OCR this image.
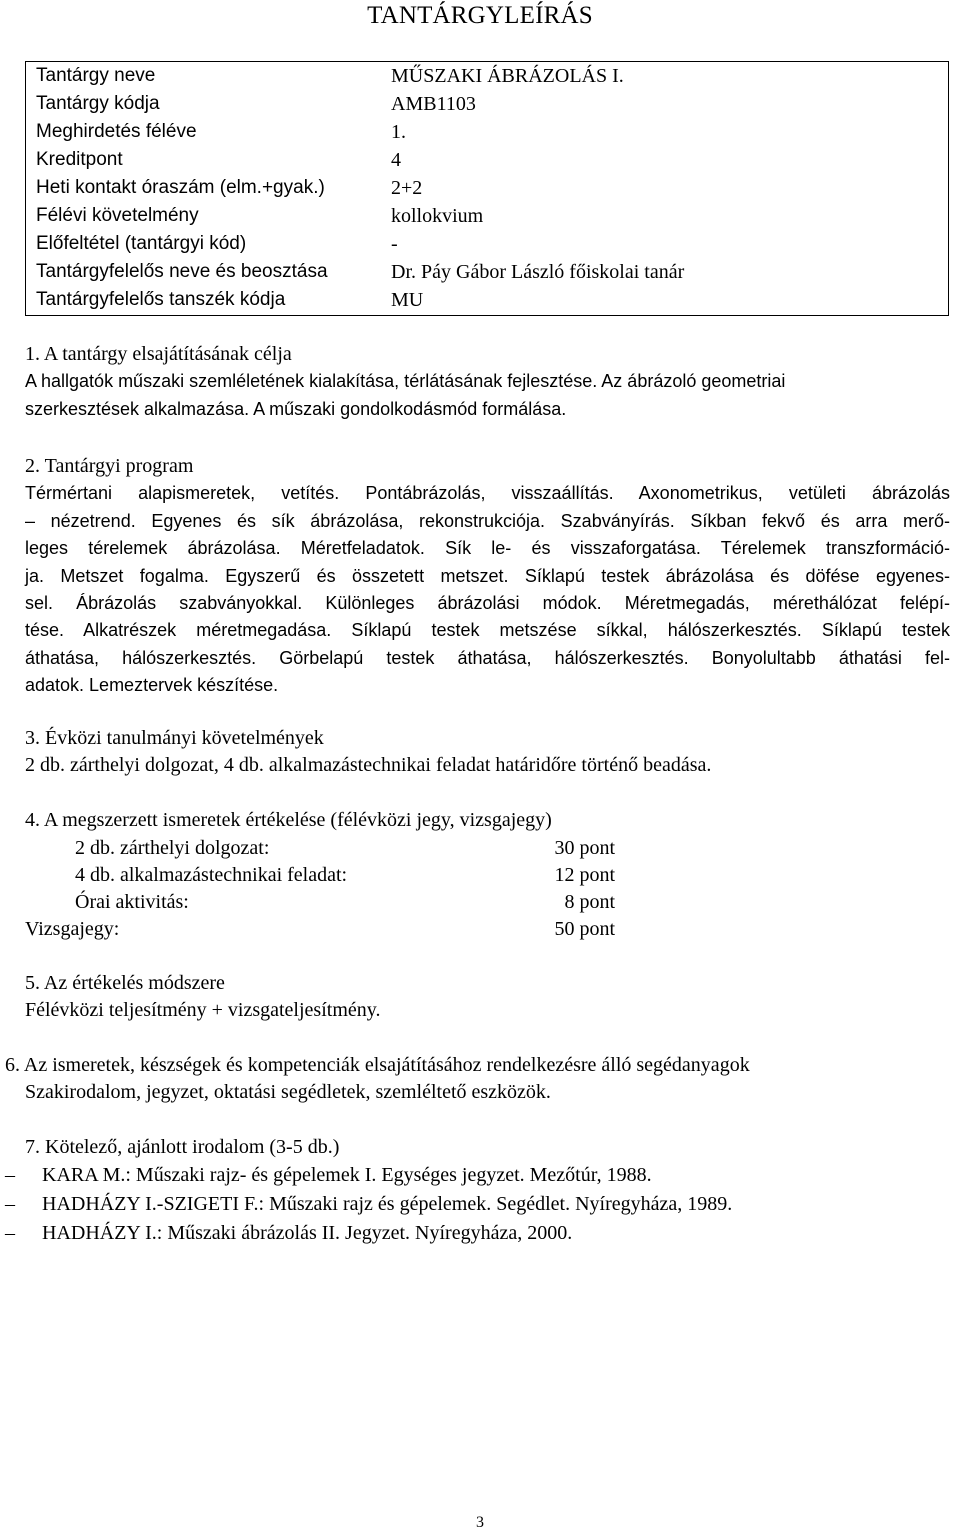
TANTÁRGYLEÍRÁS
Tantárgy neve	MŰSZAKI ÁBRÁZOLÁS I.
Tantárgy kódja	AMB1103
Meghirdetés féléve	1.
Kreditpont	4
Heti kontakt óraszám (elm.+gyak.)	2+2
Félévi követelmény	kollokvium
Előfeltétel (tantárgyi kód)	-
Tantárgyfelelős neve és beosztása	Dr. Páy Gábor László főiskolai tanár
Tantárgyfelelős tanszék kódja	MU
1. A tantárgy elsajátításának célja
A hallgatók műszaki szemléletének kialakítása, térlátásának fejlesztése. Az ábrázoló geometriai
szerkesztések alkalmazása. A műszaki gondolkodásmód formálása.
2. Tantárgyi program
Térmértani alapismeretek, vetítés. Pontábrázolás, visszaállítás. Axonometrikus, vetületi ábrázolás
– nézetrend. Egyenes és sík ábrázolása, rekonstrukciója. Szabványírás. Síkban fekvő és arra merő-
leges térelemek ábrázolása. Méretfeladatok. Sík le- és visszaforgatása. Térelemek transzformáció-
ja. Metszet fogalma. Egyszerű és összetett metszet. Síklapú testek ábrázolása és döfése egyenes-
sel. Ábrázolás szabványokkal. Különleges ábrázolási módok. Méretmegadás, mérethálózat felépí-
tése. Alkatrészek méretmegadása. Síklapú testek metszése síkkal, hálószerkesztés. Síklapú testek
áthatása, hálószerkesztés. Görbelapú testek áthatása, hálószerkesztés. Bonyolultabb áthatási fel-
adatok. Lemeztervek készítése.
3. Évközi tanulmányi követelmények
2 db. zárthelyi dolgozat, 4 db. alkalmazástechnikai feladat határidőre történő beadása.
4. A megszerzett ismeretek értékelése (félévközi jegy, vizsgajegy)
2 db. zárthelyi dolgozat:	30 pont
4 db. alkalmazástechnikai feladat:	12 pont
Órai aktivitás:	8 pont
Vizsgajegy:	50 pont
5. Az értékelés módszere
Félévközi teljesítmény + vizsgateljesítmény.
6. Az ismeretek, készségek és kompetenciák elsajátításához rendelkezésre álló segédanyagok
Szakirodalom, jegyzet, oktatási segédletek, szemléltető eszközök.
7. Kötelező, ajánlott irodalom (3-5 db.)
– KARA M.: Műszaki rajz- és gépelemek I. Egységes jegyzet. Mezőtúr, 1988.
– HADHÁZY I.-SZIGETI F.: Műszaki rajz és gépelemek. Segédlet. Nyíregyháza, 1989.
– HADHÁZY I.: Műszaki ábrázolás II. Jegyzet. Nyíregyháza, 2000.
3
